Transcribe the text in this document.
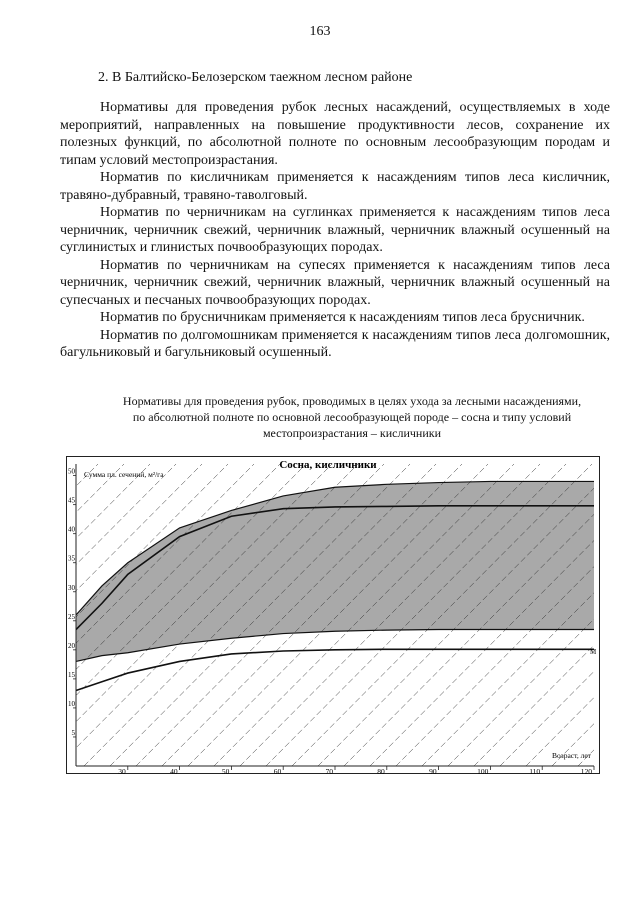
163
2. В Балтийско-Белозерском таежном лесном районе

Нормативы для проведения рубок лесных насаждений, осуществляемых в ходе мероприятий, направленных на повышение продуктивности лесов, сохранение их полезных функций, по абсолютной полноте по основным лесообразующим породам и типам условий местопроизрастания.

Норматив по кисличникам применяется к насаждениям типов леса кисличник, травяно-дубравный, травяно-таволговый.

Норматив по черничникам на суглинках применяется к насаждениям типов леса черничник, черничник свежий, черничник влажный, черничник влажный осушенный на суглинистых и глинистых почвообразующих породах.

Норматив по черничникам на супесях применяется к насаждениям типов леса черничник, черничник свежий, черничник влажный, черничник влажный осушенный на супесчаных и песчаных почвообразующих породах.

Норматив по брусничникам применяется к насаждениям типов леса брусничник.

Норматив по долгомошникам применяется к насаждениям типов леса долгомошник, багульниковый и багульниковый осушенный.

Нормативы для проведения рубок, проводимых в целях ухода за лесными насаждениями,
по абсолютной полноте по основной лесообразующей породе – сосна и типу условий
местопроизрастания – кисличники
30	40	50	60	70	80	90	100	110	120
5
10
15
20
25
30
35
40
45
50
Сосна, кисличники
Сумма пл. сечений, м²/га
Возраст, лет
М
